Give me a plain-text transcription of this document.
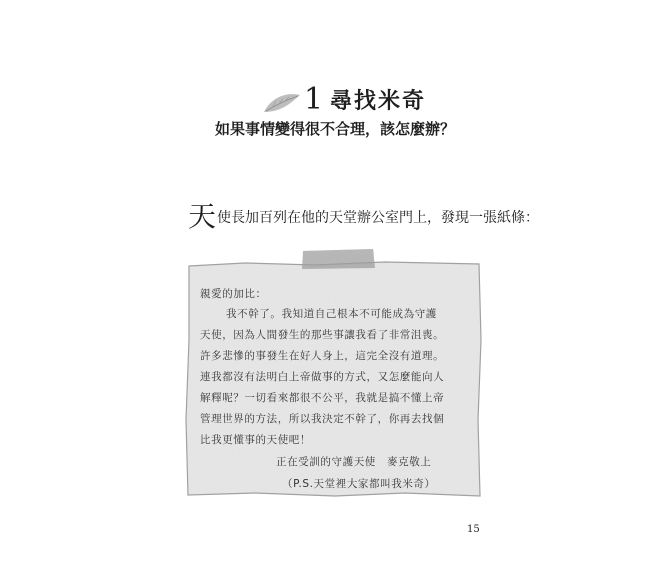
1 尋找米奇
如果事情變得很不合理，該怎麼辦？
天使長加百列在他的天堂辦公室門上，發現一張紙條：
親愛的加比：
我不幹了。我知道自己根本不可能成為守護
天使，因為人間發生的那些事讓我看了非常沮喪。
許多悲慘的事發生在好人身上，這完全沒有道理。
連我都沒有法明白上帝做事的方式，又怎麼能向人
解釋呢？一切看來都很不公平，我就是搞不懂上帝
管理世界的方法，所以我決定不幹了，你再去找個
比我更懂事的天使吧！
正在受訓的守護天使　麥克敬上
（P.S.天堂裡大家都叫我米奇）
15
